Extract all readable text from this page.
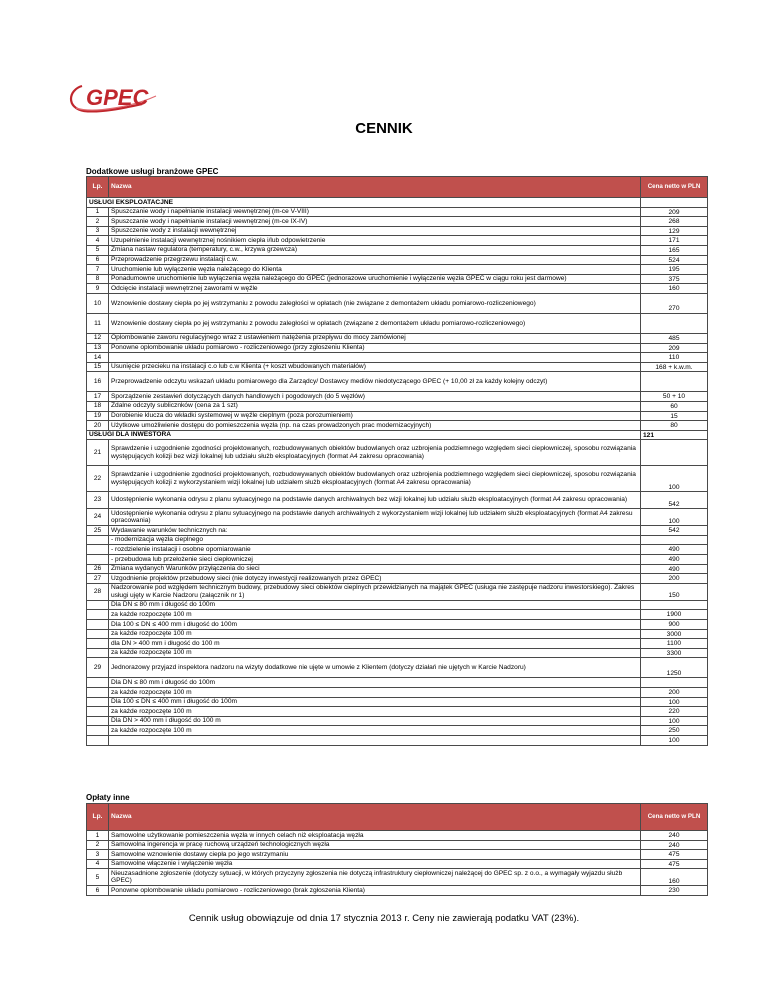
GPEC
CENNIK
Dodatkowe usługi branżowe GPEC
Lp.	Nazwa	Cena netto w PLN
USŁUGI EKSPLOATACJNE		
1	Spuszczanie wody i napełnianie instalacji wewnętrznej (m-ce V-VIII)	209
2	Spuszczanie wody i napełnianie instalacji wewnętrznej (m-ce IX-IV)	268
3	Spuszczenie wody z instalacji wewnętrznej	129
4	Uzupełnienie instalacji wewnętrznej nośnikiem ciepła i/lub odpowietrzenie	171
5	Zmiana nastaw regulatora (temperatury, c.w., krzywa grzewcza)	165
6	Przeprowadzenie przegrzewu instalacji c.w.	524
7	Uruchomienie lub wyłączenie węzła należącego do Klienta	195
8	Ponadumowne uruchomienie lub wyłączenia węzła należącego do GPEC (jednorazowe uruchomienie i wyłączenie węzła GPEC w ciągu roku jest darmowe)	375
9	Odcięcie instalacji wewnętrznej zaworami w węźle	160
10	Wznowienie dostawy ciepła po jej wstrzymaniu z powodu zaległości w opłatach (nie związane z demontażem układu pomiarowo-rozliczeniowego)	270
11	Wznowienie dostawy ciepła po jej wstrzymaniu z powodu zaległości w opłatach (związane z demontażem układu pomiarowo-rozliczeniowego)	
12	Oplombowanie zaworu regulacyjnego wraz z ustawieniem natężenia przepływu do mocy zamówionej	485
13	Ponowne oplombowanie układu pomiarowo - rozliczeniowego (przy zgłoszeniu Klienta)	209
14		110
15	Usunięcie przecieku na instalacji c.o lub c.w Klienta (+ koszt wbudowanych materiałów)	168 + k.w.m.
16	Przeprowadzenie odczytu wskazań układu pomiarowego dla Zarządcy/ Dostawcy mediów niedotyczącego GPEC (+ 10,00 zł za każdy kolejny odczyt)	
17	Sporządzenie zestawień dotyczących danych handlowych i pogodowych (do 5 węzłów)	50 + 10
18	Zdalne odczyty sublicznków (cena za 1 szt)	60
19	Dorobienie klucza do wkładki systemowej w węźle cieplnym (poza porozumieniem)	15
20	Użytkowe umożliwienie dostępu do pomieszczenia węzła (np. na czas prowadzonych prac modernizacyjnych)	80
USŁUGI DLA INWESTORA		121
21	Sprawdzenie i uzgodnienie zgodności projektowanych, rozbudowywanych obiektów budowlanych oraz uzbrojenia podziemnego względem sieci ciepłowniczej, sposobu rozwiązania występujących kolizji bez wizji lokalnej lub udziału służb eksploatacyjnych (format A4 zakresu opracowania)	
22	Sprawdzanie i uzgodnienie zgodności projektowanych, rozbudowywanych obiektów budowlanych oraz uzbrojenia podziemnego względem sieci ciepłowniczej, sposobu rozwiązania występujących kolizji z wykorzystaniem wizji lokalnej lub udziałem służb eksploatacyjnych (format A4 zakresu opracowania)	100
23	Udostępnienie wykonania odrysu z planu sytuacyjnego na podstawie danych archiwalnych bez wizji lokalnej lub udziału służb eksploatacyjnych (format A4 zakresu opracowania)	542
24	Udostępnienie wykonania odrysu z planu sytuacyjnego na podstawie danych archiwalnych z wykorzystaniem wizji lokalnej lub udziałem służb eksploatacyjnych (format A4 zakresu opracowania)	100
25	Wydawanie warunków technicznych na:	542
	- modernizacja węzła cieplnego	
	- rozdzielenie instalacji i osobne opomiarowanie	490
	- przebudowa lub przełożenie sieci ciepłowniczej	490
26	Zmiana wydanych Warunków przyłączenia do sieci	490
27	Uzgodnienie projektów przebudowy sieci (nie dotyczy inwestycji realizowanych przez GPEC)	200
28	Nadzorowanie pod względem technicznym budowy, przebudowy sieci obiektów cieplnych przewidzianych na majątek GPEC (usługa nie zastępuje nadzoru inwestorskiego). Zakres usługi ujęty w Karcie Nadzoru (załącznik nr 1)	150
	Dla DN ≤ 80 mm i długość do 100m	
	za każde rozpoczęte 100 m	1900
	Dla 100 ≤ DN ≤ 400 mm i długość do 100m	900
	za każde rozpoczęte 100 m	3000
	dla DN > 400 mm i długość do 100 m	1100
	za każde rozpoczęte 100 m	3300
29	Jednorazowy przyjazd inspektora nadzoru na wizyty dodatkowe nie ujęte w umowie z Klientem (dotyczy działań nie ujętych w Karcie Nadzoru)	1250
	Dla DN ≤ 80 mm i długość do 100m	
	za każde rozpoczęte 100 m	200
	Dla 100 ≤ DN ≤ 400 mm i długość do 100m	100
	za każde rozpoczęte 100 m	220
	Dla DN > 400 mm i długość do 100 m	100
	za każde rozpoczęte 100 m	250
		100
Opłaty inne
Lp.	Nazwa	Cena netto w PLN
1	Samowolne użytkowanie pomieszczenia węzła w innych celach niż eksploatacja węzła	240
2	Samowolna ingerencja w pracę ruchową urządzeń technologicznych węzła	240
3	Samowolne wznowienie dostawy ciepła po jego wstrzymaniu	475
4	Samowolne włączenie i wyłączenie węzła	475
5	Nieuzasadnione zgłoszenie (dotyczy sytuacji, w których przyczyny zgłoszenia nie dotyczą infrastruktury ciepłowniczej należącej do GPEC sp. z o.o., a wymagały wyjazdu służb GPEC)	160
6	Ponowne oplombowanie układu pomiarowo - rozliczeniowego (brak zgłoszenia Klienta)	230
Cennik usług obowiązuje od dnia 17 stycznia 2013 r. Ceny nie zawierają podatku VAT (23%).
